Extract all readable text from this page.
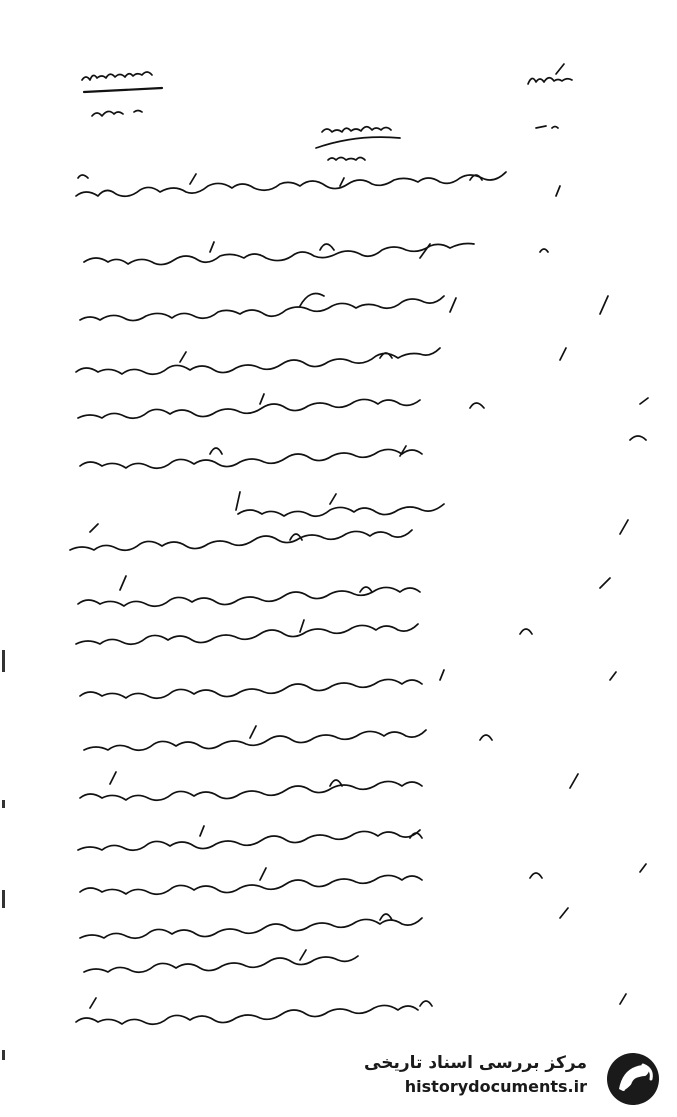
مرکز بررسی اسناد تاریخی
historydocuments.ir
